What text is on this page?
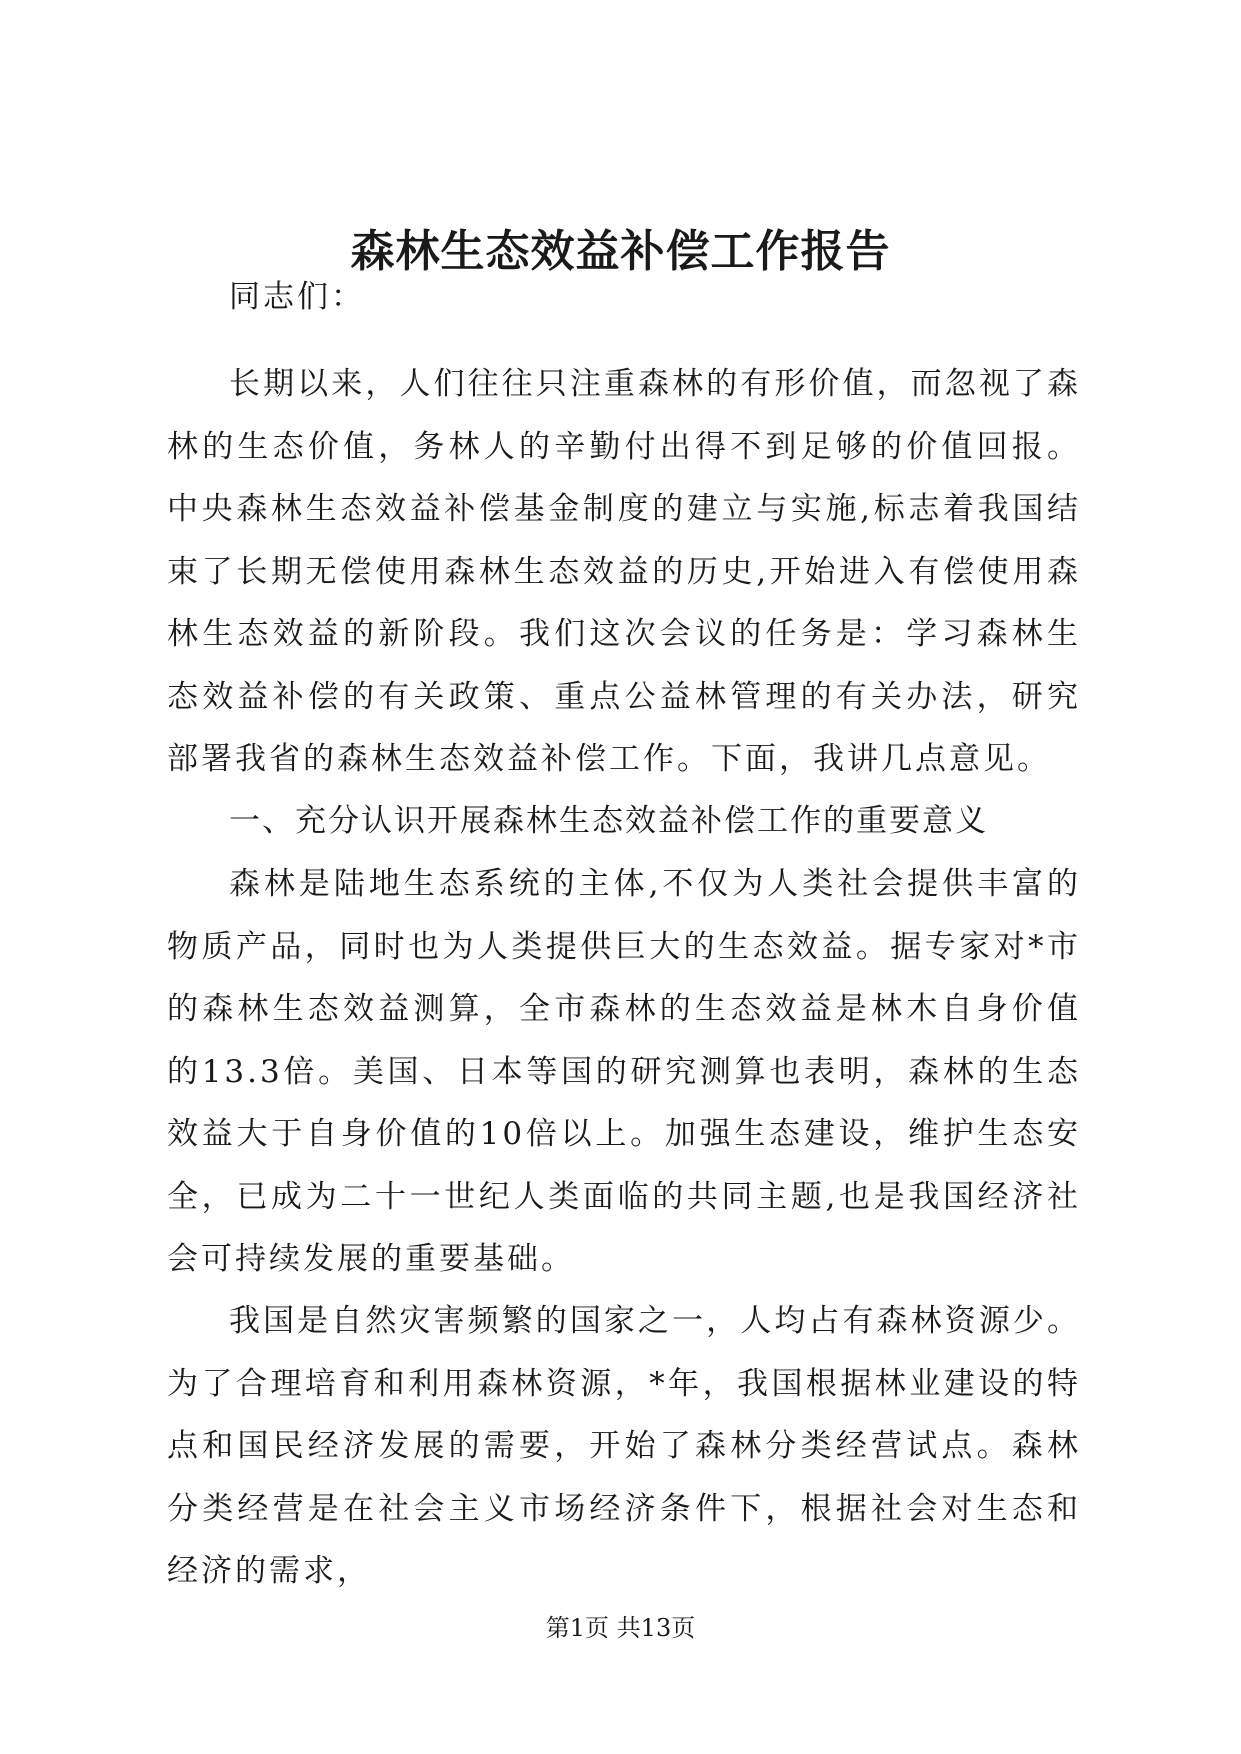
森林生态效益补偿工作报告

同志们：

长期以来，人们往往只注重森林的有形价值，而忽视了森林的生态价值，务林人的辛勤付出得不到足够的价值回报。中央森林生态效益补偿基金制度的建立与实施,标志着我国结束了长期无偿使用森林生态效益的历史,开始进入有偿使用森林生态效益的新阶段。我们这次会议的任务是：学习森林生态效益补偿的有关政策、重点公益林管理的有关办法，研究部署我省的森林生态效益补偿工作。下面，我讲几点意见。

一、充分认识开展森林生态效益补偿工作的重要意义

森林是陆地生态系统的主体,不仅为人类社会提供丰富的物质产品，同时也为人类提供巨大的生态效益。据专家对*市的森林生态效益测算，全市森林的生态效益是林木自身价值的13.3倍。美国、日本等国的研究测算也表明，森林的生态效益大于自身价值的10倍以上。加强生态建设，维护生态安全，已成为二十一世纪人类面临的共同主题,也是我国经济社会可持续发展的重要基础。

我国是自然灾害频繁的国家之一，人均占有森林资源少。为了合理培育和利用森林资源，*年，我国根据林业建设的特点和国民经济发展的需要，开始了森林分类经营试点。森林分类经营是在社会主义市场经济条件下，根据社会对生态和经济的需求，

第1页 共13页
